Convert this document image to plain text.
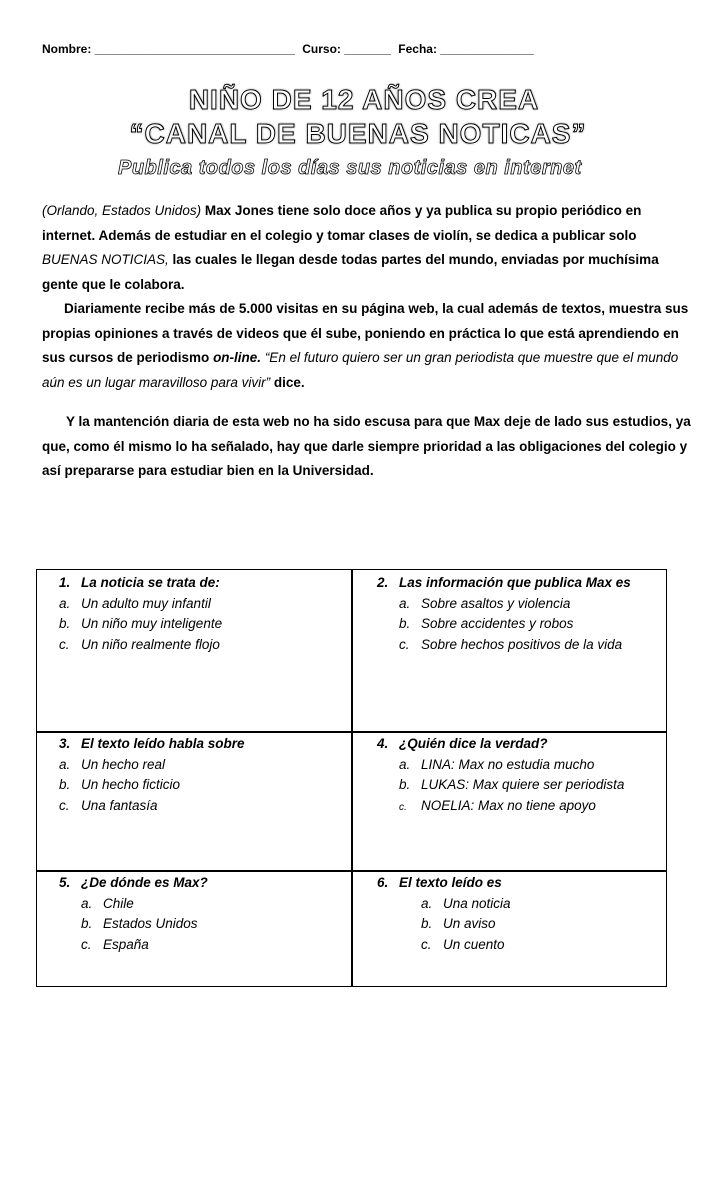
Nombre: ______________________________ Curso: _______ Fecha: ______________
NIÑO DE 12 AÑOS CREA
“CANAL DE BUENAS NOTICAS”
Publica todos los días sus noticias en internet
(Orlando, Estados Unidos) Max Jones tiene solo doce años y ya publica su propio periódico en internet. Además de estudiar en el colegio y tomar clases de violín, se dedica a publicar solo BUENAS NOTICIAS, las cuales le llegan desde todas partes del mundo, enviadas por muchísima gente que le colabora.
Diariamente recibe más de 5.000 visitas en su página web, la cual además de textos, muestra sus propias opiniones a través de videos que él sube, poniendo en práctica lo que está aprendiendo en sus cursos de periodismo on-line. “En el futuro quiero ser un gran periodista que muestre que el mundo aún es un lugar maravilloso para vivir” dice.
Y la mantención diaria de esta web no ha sido escusa para que Max deje de lado sus estudios, ya que, como él mismo lo ha señalado, hay que darle siempre prioridad a las obligaciones del colegio y así prepararse para estudiar bien en la Universidad.
1. La noticia se trata de:
a. Un adulto muy infantil
b. Un niño muy inteligente
c. Un niño realmente flojo
2. Las información que publica Max es
a. Sobre asaltos y violencia
b. Sobre accidentes y robos
c. Sobre hechos positivos de la vida
3. El texto leído habla sobre
a. Un hecho real
b. Un hecho ficticio
c. Una fantasía
4. ¿Quién dice la verdad?
a. LINA: Max no estudia mucho
b. LUKAS: Max quiere ser periodista
c. NOELIA: Max no tiene apoyo
5. ¿De dónde es Max?
a. Chile
b. Estados Unidos
c. España
6. El texto leído es
a. Una noticia
b. Un aviso
c. Un cuento
